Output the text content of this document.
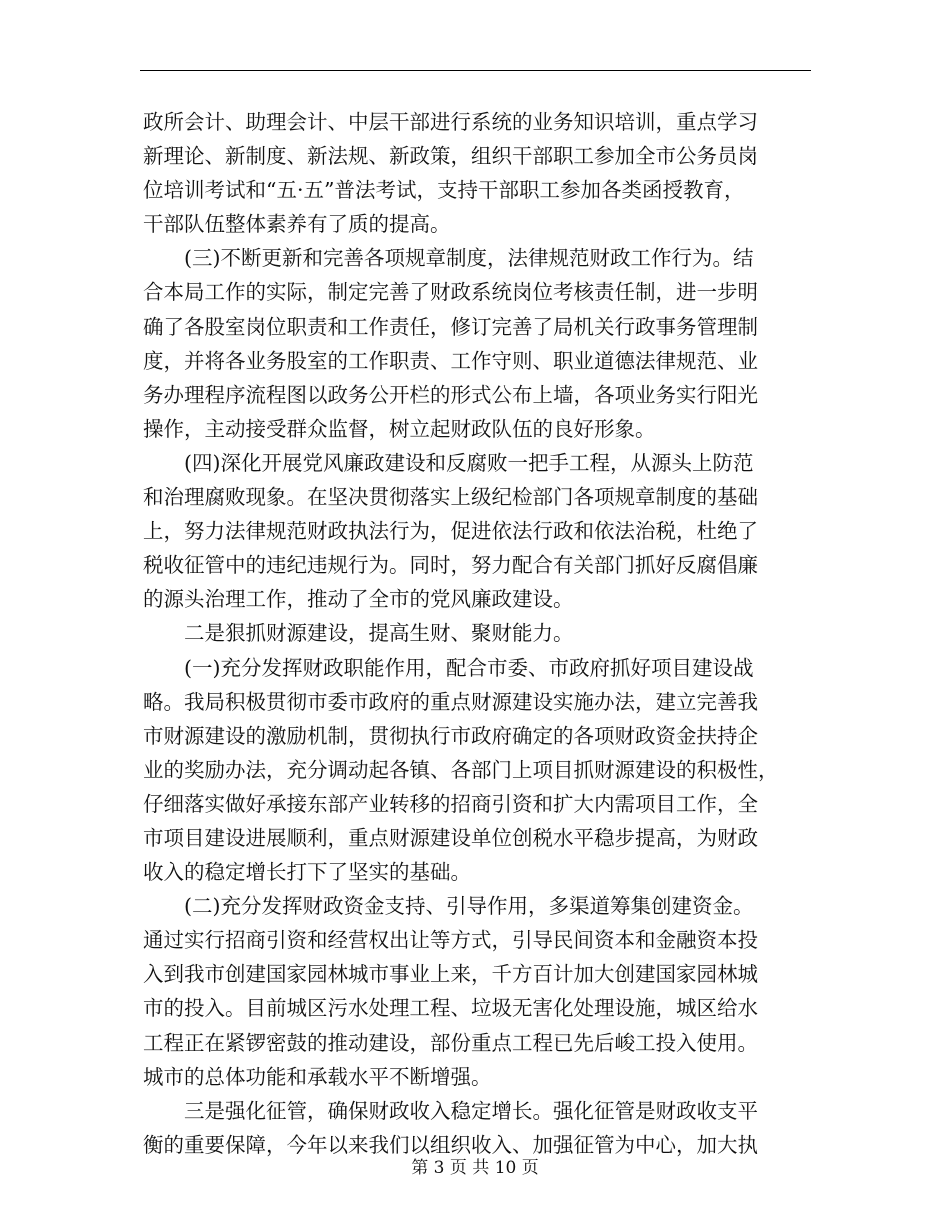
政所会计、助理会计、中层干部进行系统的业务知识培训，重点学习
新理论、新制度、新法规、新政策，组织干部职工参加全市公务员岗
位培训考试和“五·五”普法考试，支持干部职工参加各类函授教育，
干部队伍整体素养有了质的提高。
(三)不断更新和完善各项规章制度，法律规范财政工作行为。结
合本局工作的实际，制定完善了财政系统岗位考核责任制，进一步明
确了各股室岗位职责和工作责任，修订完善了局机关行政事务管理制
度，并将各业务股室的工作职责、工作守则、职业道德法律规范、业
务办理程序流程图以政务公开栏的形式公布上墙，各项业务实行阳光
操作，主动接受群众监督，树立起财政队伍的良好形象。
(四)深化开展党风廉政建设和反腐败一把手工程，从源头上防范
和治理腐败现象。在坚决贯彻落实上级纪检部门各项规章制度的基础
上，努力法律规范财政执法行为，促进依法行政和依法治税，杜绝了
税收征管中的违纪违规行为。同时，努力配合有关部门抓好反腐倡廉
的源头治理工作，推动了全市的党风廉政建设。
二是狠抓财源建设，提高生财、聚财能力。
(一)充分发挥财政职能作用，配合市委、市政府抓好项目建设战
略。我局积极贯彻市委市政府的重点财源建设实施办法，建立完善我
市财源建设的激励机制，贯彻执行市政府确定的各项财政资金扶持企
业的奖励办法，充分调动起各镇、各部门上项目抓财源建设的积极性，
仔细落实做好承接东部产业转移的招商引资和扩大内需项目工作，全
市项目建设进展顺利，重点财源建设单位创税水平稳步提高，为财政
收入的稳定增长打下了坚实的基础。
(二)充分发挥财政资金支持、引导作用，多渠道筹集创建资金。
通过实行招商引资和经营权出让等方式，引导民间资本和金融资本投
入到我市创建国家园林城市事业上来，千方百计加大创建国家园林城
市的投入。目前城区污水处理工程、垃圾无害化处理设施，城区给水
工程正在紧锣密鼓的推动建设，部份重点工程已先后峻工投入使用。
城市的总体功能和承载水平不断增强。
三是强化征管，确保财政收入稳定增长。强化征管是财政收支平
衡的重要保障，今年以来我们以组织收入、加强征管为中心，加大执
第 3 页 共 10 页
